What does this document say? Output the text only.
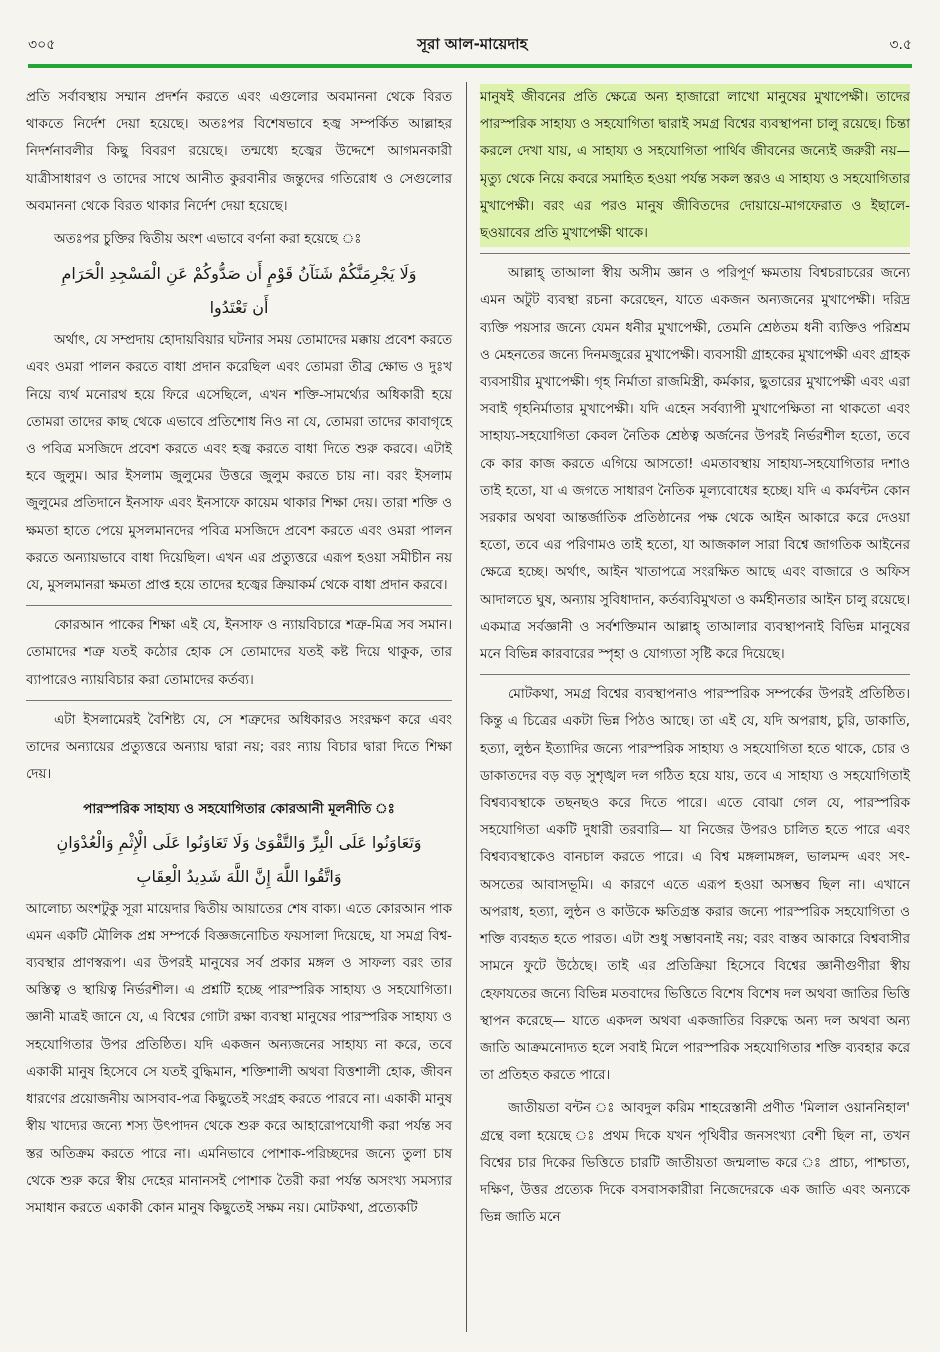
৩০৫	সূরা আল-মায়েদাহ	৩.৫

প্রতি সর্বাবস্থায় সম্মান প্রদর্শন করতে এবং এগুলোর অবমাননা থেকে বিরত থাকতে নির্দেশ দেয়া হয়েছে। অতঃপর বিশেষভাবে হজ্ব সম্পর্কিত আল্লাহর নিদর্শনাবলীর কিছু বিবরণ রয়েছে। তন্মধ্যে হজ্বের উদ্দেশে আগমনকারী যাত্রীসাধারণ ও তাদের সাথে আনীত কুরবানীর জন্তুদের গতিরোধ ও সেগুলোর অবমাননা থেকে বিরত থাকার নির্দেশ দেয়া হয়েছে।

অতঃপর চুক্তির দ্বিতীয় অংশ এভাবে বর্ণনা করা হয়েছে ঃ

وَلَا يَجْرِمَنَّكُمْ شَنَآنُ قَوْمٍ أَن صَدُّوكُمْ عَنِ الْمَسْجِدِ الْحَرَامِ
أَن تَعْتَدُوا

অর্থাৎ, যে সম্প্রদায় হোদায়বিয়ার ঘটনার সময় তোমাদের মক্কায় প্রবেশ করতে এবং ওমরা পালন করতে বাধা প্রদান করেছিল এবং তোমরা তীব্র ক্ষোভ ও দুঃখ নিয়ে ব্যর্থ মনোরথ হয়ে ফিরে এসেছিলে, এখন শক্তি-সামর্থ্যের অধিকারী হয়ে তোমরা তাদের কাছ থেকে এভাবে প্রতিশোধ নিও না যে, তোমরা তাদের কাবাগৃহে ও পবিত্র মসজিদে প্রবেশ করতে এবং হজ্ব করতে বাধা দিতে শুরু করবে। এটাই হবে জুলুম। আর ইসলাম জুলুমের উত্তরে জুলুম করতে চায় না। বরং ইসলাম জুলুমের প্রতিদানে ইনসাফ এবং ইনসাফে কায়েম থাকার শিক্ষা দেয়। তারা শক্তি ও ক্ষমতা হাতে পেয়ে মুসলমানদের পবিত্র মসজিদে প্রবেশ করতে এবং ওমরা পালন করতে অন্যায়ভাবে বাধা দিয়েছিল। এখন এর প্রত্যুত্তরে এরূপ হওয়া সমীচীন নয় যে, মুসলমানরা ক্ষমতা প্রাপ্ত হয়ে তাদের হজ্বের ক্রিয়াকর্ম থেকে বাধা প্রদান করবে।

কোরআন পাকের শিক্ষা এই যে, ইনসাফ ও ন্যায়বিচারে শত্রু-মিত্র সব সমান। তোমাদের শত্রু যতই কঠোর হোক সে তোমাদের যতই কষ্ট দিয়ে থাকুক, তার ব্যাপারেও ন্যায়বিচার করা তোমাদের কর্তব্য।

এটা ইসলামেরই বৈশিষ্ট্য যে, সে শত্রুদের অধিকারও সংরক্ষণ করে এবং তাদের অন্যায়ের প্রত্যুত্তরে অন্যায় দ্বারা নয়; বরং ন্যায় বিচার দ্বারা দিতে শিক্ষা দেয়।

পারস্পরিক সাহায্য ও সহযোগিতার কোরআনী মূলনীতি ঃ

وَتَعَاوَنُوا عَلَى الْبِرِّ وَالتَّقْوَىٰ وَلَا تَعَاوَنُوا عَلَى الْإِثْمِ وَالْعُدْوَانِ
وَاتَّقُوا اللَّهَ إِنَّ اللَّهَ شَدِيدُ الْعِقَابِ

আলোচ্য অংশটুকু সূরা মায়েদার দ্বিতীয় আয়াতের শেষ বাক্য। এতে কোরআন পাক এমন একটি মৌলিক প্রশ্ন সম্পর্কে বিজ্ঞজনোচিত ফয়সালা দিয়েছে, যা সমগ্র বিশ্ব-ব্যবস্থার প্রাণস্বরূপ। এর উপরই মানুষের সর্ব প্রকার মঙ্গল ও সাফল্য বরং তার অস্তিত্ব ও স্থায়িত্ব নির্ভরশীল। এ প্রশ্নটি হচ্ছে পারস্পরিক সাহায্য ও সহযোগিতা। জ্ঞানী মাত্রই জানে যে, এ বিশ্বের গোটা রক্ষা ব্যবস্থা মানুষের পারস্পরিক সাহায্য ও সহযোগিতার উপর প্রতিষ্ঠিত। যদি একজন অন্যজনের সাহায্য না করে, তবে একাকী মানুষ হিসেবে সে যতই বুদ্ধিমান, শক্তিশালী অথবা বিত্তশালী হোক, জীবন ধারণের প্রয়োজনীয় আসবাব-পত্র কিছুতেই সংগ্রহ করতে পারবে না। একাকী মানুষ স্বীয় খাদ্যের জন্যে শস্য উৎপাদন থেকে শুরু করে আহারোপযোগী করা পর্যন্ত সব স্তর অতিক্রম করতে পারে না। এমনিভাবে পোশাক-পরিচ্ছদের জন্যে তুলা চাষ থেকে শুরু করে স্বীয় দেহের মানানসই পোশাক তৈরী করা পর্যন্ত অসংখ্য সমস্যার সমাধান করতে একাকী কোন মানুষ কিছুতেই সক্ষম নয়। মোটকথা, প্রত্যেকটি

মানুষই জীবনের প্রতি ক্ষেত্রে অন্য হাজারো লাখো মানুষের মুখাপেক্ষী। তাদের পারস্পরিক সাহায্য ও সহযোগিতা দ্বারাই সমগ্র বিশ্বের ব্যবস্থাপনা চালু রয়েছে। চিন্তা করলে দেখা যায়, এ সাহায্য ও সহযোগিতা পার্থিব জীবনের জন্যেই জরুরী নয়— মৃত্যু থেকে নিয়ে কবরে সমাহিত হওয়া পর্যন্ত সকল স্তরও এ সাহায্য ও সহযোগিতার মুখাপেক্ষী। বরং এর পরও মানুষ জীবিতদের দোয়ায়ে-মাগফেরাত ও ইছালে-ছওয়াবের প্রতি মুখাপেক্ষী থাকে।

আল্লাহ্ তাআলা স্বীয় অসীম জ্ঞান ও পরিপূর্ণ ক্ষমতায় বিশ্বচরাচরের জন্যে এমন অটুট ব্যবস্থা রচনা করেছেন, যাতে একজন অন্যজনের মুখাপেক্ষী। দরিদ্র ব্যক্তি পয়সার জন্যে যেমন ধনীর মুখাপেক্ষী, তেমনি শ্রেষ্ঠতম ধনী ব্যক্তিও পরিশ্রম ও মেহনতের জন্যে দিনমজুরের মুখাপেক্ষী। ব্যবসায়ী গ্রাহকের মুখাপেক্ষী এবং গ্রাহক ব্যবসায়ীর মুখাপেক্ষী। গৃহ নির্মাতা রাজমিস্ত্রী, কর্মকার, ছুতারের মুখাপেক্ষী এবং এরা সবাই গৃহনির্মাতার মুখাপেক্ষী। যদি এহেন সর্বব্যাপী মুখাপেক্ষিতা না থাকতো এবং সাহায্য-সহযোগিতা কেবল নৈতিক শ্রেষ্ঠত্ব অর্জনের উপরই নির্ভরশীল হতো, তবে কে কার কাজ করতে এগিয়ে আসতো! এমতাবস্থায় সাহায্য-সহযোগিতার দশাও তাই হতো, যা এ জগতে সাধারণ নৈতিক মূল্যবোধের হচ্ছে। যদি এ কর্মবন্টন কোন সরকার অথবা আন্তর্জাতিক প্রতিষ্ঠানের পক্ষ থেকে আইন আকারে করে দেওয়া হতো, তবে এর পরিণামও তাই হতো, যা আজকাল সারা বিশ্বে জাগতিক আইনের ক্ষেত্রে হচ্ছে। অর্থাৎ, আইন খাতাপত্রে সংরক্ষিত আছে এবং বাজারে ও অফিস আদালতে ঘুষ, অন্যায় সুবিধাদান, কর্তব্যবিমুখতা ও কর্মহীনতার আইন চালু রয়েছে। একমাত্র সর্বজ্ঞানী ও সর্বশক্তিমান আল্লাহ্ তাআলার ব্যবস্থাপনাই বিভিন্ন মানুষের মনে বিভিন্ন কারবারের স্পৃহা ও যোগ্যতা সৃষ্টি করে দিয়েছে।

মোটকথা, সমগ্র বিশ্বের ব্যবস্থাপনাও পারস্পরিক সম্পর্কের উপরই প্রতিষ্ঠিত। কিন্তু এ চিত্রের একটা ভিন্ন পিঠও আছে। তা এই যে, যদি অপরাধ, চুরি, ডাকাতি, হত্যা, লুন্ঠন ইত্যাদির জন্যে পারস্পরিক সাহায্য ও সহযোগিতা হতে থাকে, চোর ও ডাকাতদের বড় বড় সুশৃঙ্খল দল গঠিত হয়ে যায়, তবে এ সাহায্য ও সহযোগিতাই বিশ্বব্যবস্থাকে তছনছও করে দিতে পারে। এতে বোঝা গেল যে, পারস্পরিক সহযোগিতা একটি দুধারী তরবারি— যা নিজের উপরও চালিত হতে পারে এবং বিশ্বব্যবস্থাকেও বানচাল করতে পারে। এ বিশ্ব মঙ্গলামঙ্গল, ভালমন্দ এবং সৎ-অসতের আবাসভূমি। এ কারণে এতে এরূপ হওয়া অসম্ভব ছিল না। এখানে অপরাধ, হত্যা, লুন্ঠন ও কাউকে ক্ষতিগ্রস্ত করার জন্যে পারস্পরিক সহযোগিতা ও শক্তি ব্যবহৃত হতে পারত। এটা শুধু সম্ভাবনাই নয়; বরং বাস্তব আকারে বিশ্ববাসীর সামনে ফুটে উঠেছে। তাই এর প্রতিক্রিয়া হিসেবে বিশ্বের জ্ঞানীগুণীরা স্বীয় হেফাযতের জন্যে বিভিন্ন মতবাদের ভিত্তিতে বিশেষ বিশেষ দল অথবা জাতির ভিত্তি স্থাপন করেছে— যাতে একদল অথবা একজাতির বিরুদ্ধে অন্য দল অথবা অন্য জাতি আক্রমনোদ্যত হলে সবাই মিলে পারস্পরিক সহযোগিতার শক্তি ব্যবহার করে তা প্রতিহত করতে পারে।

জাতীয়তা বন্টন ঃ আবদুল করিম শাহরেস্তানী প্রণীত 'মিলাল ওয়াননিহাল' গ্রন্থে বলা হয়েছে ঃ প্রথম দিকে যখন পৃথিবীর জনসংখ্যা বেশী ছিল না, তখন বিশ্বের চার দিকের ভিত্তিতে চারটি জাতীয়তা জন্মলাভ করে ঃ প্রাচ্য, পাশ্চাত্য, দক্ষিণ, উত্তর প্রত্যেক দিকে বসবাসকারীরা নিজেদেরকে এক জাতি এবং অন্যকে ভিন্ন জাতি মনে
